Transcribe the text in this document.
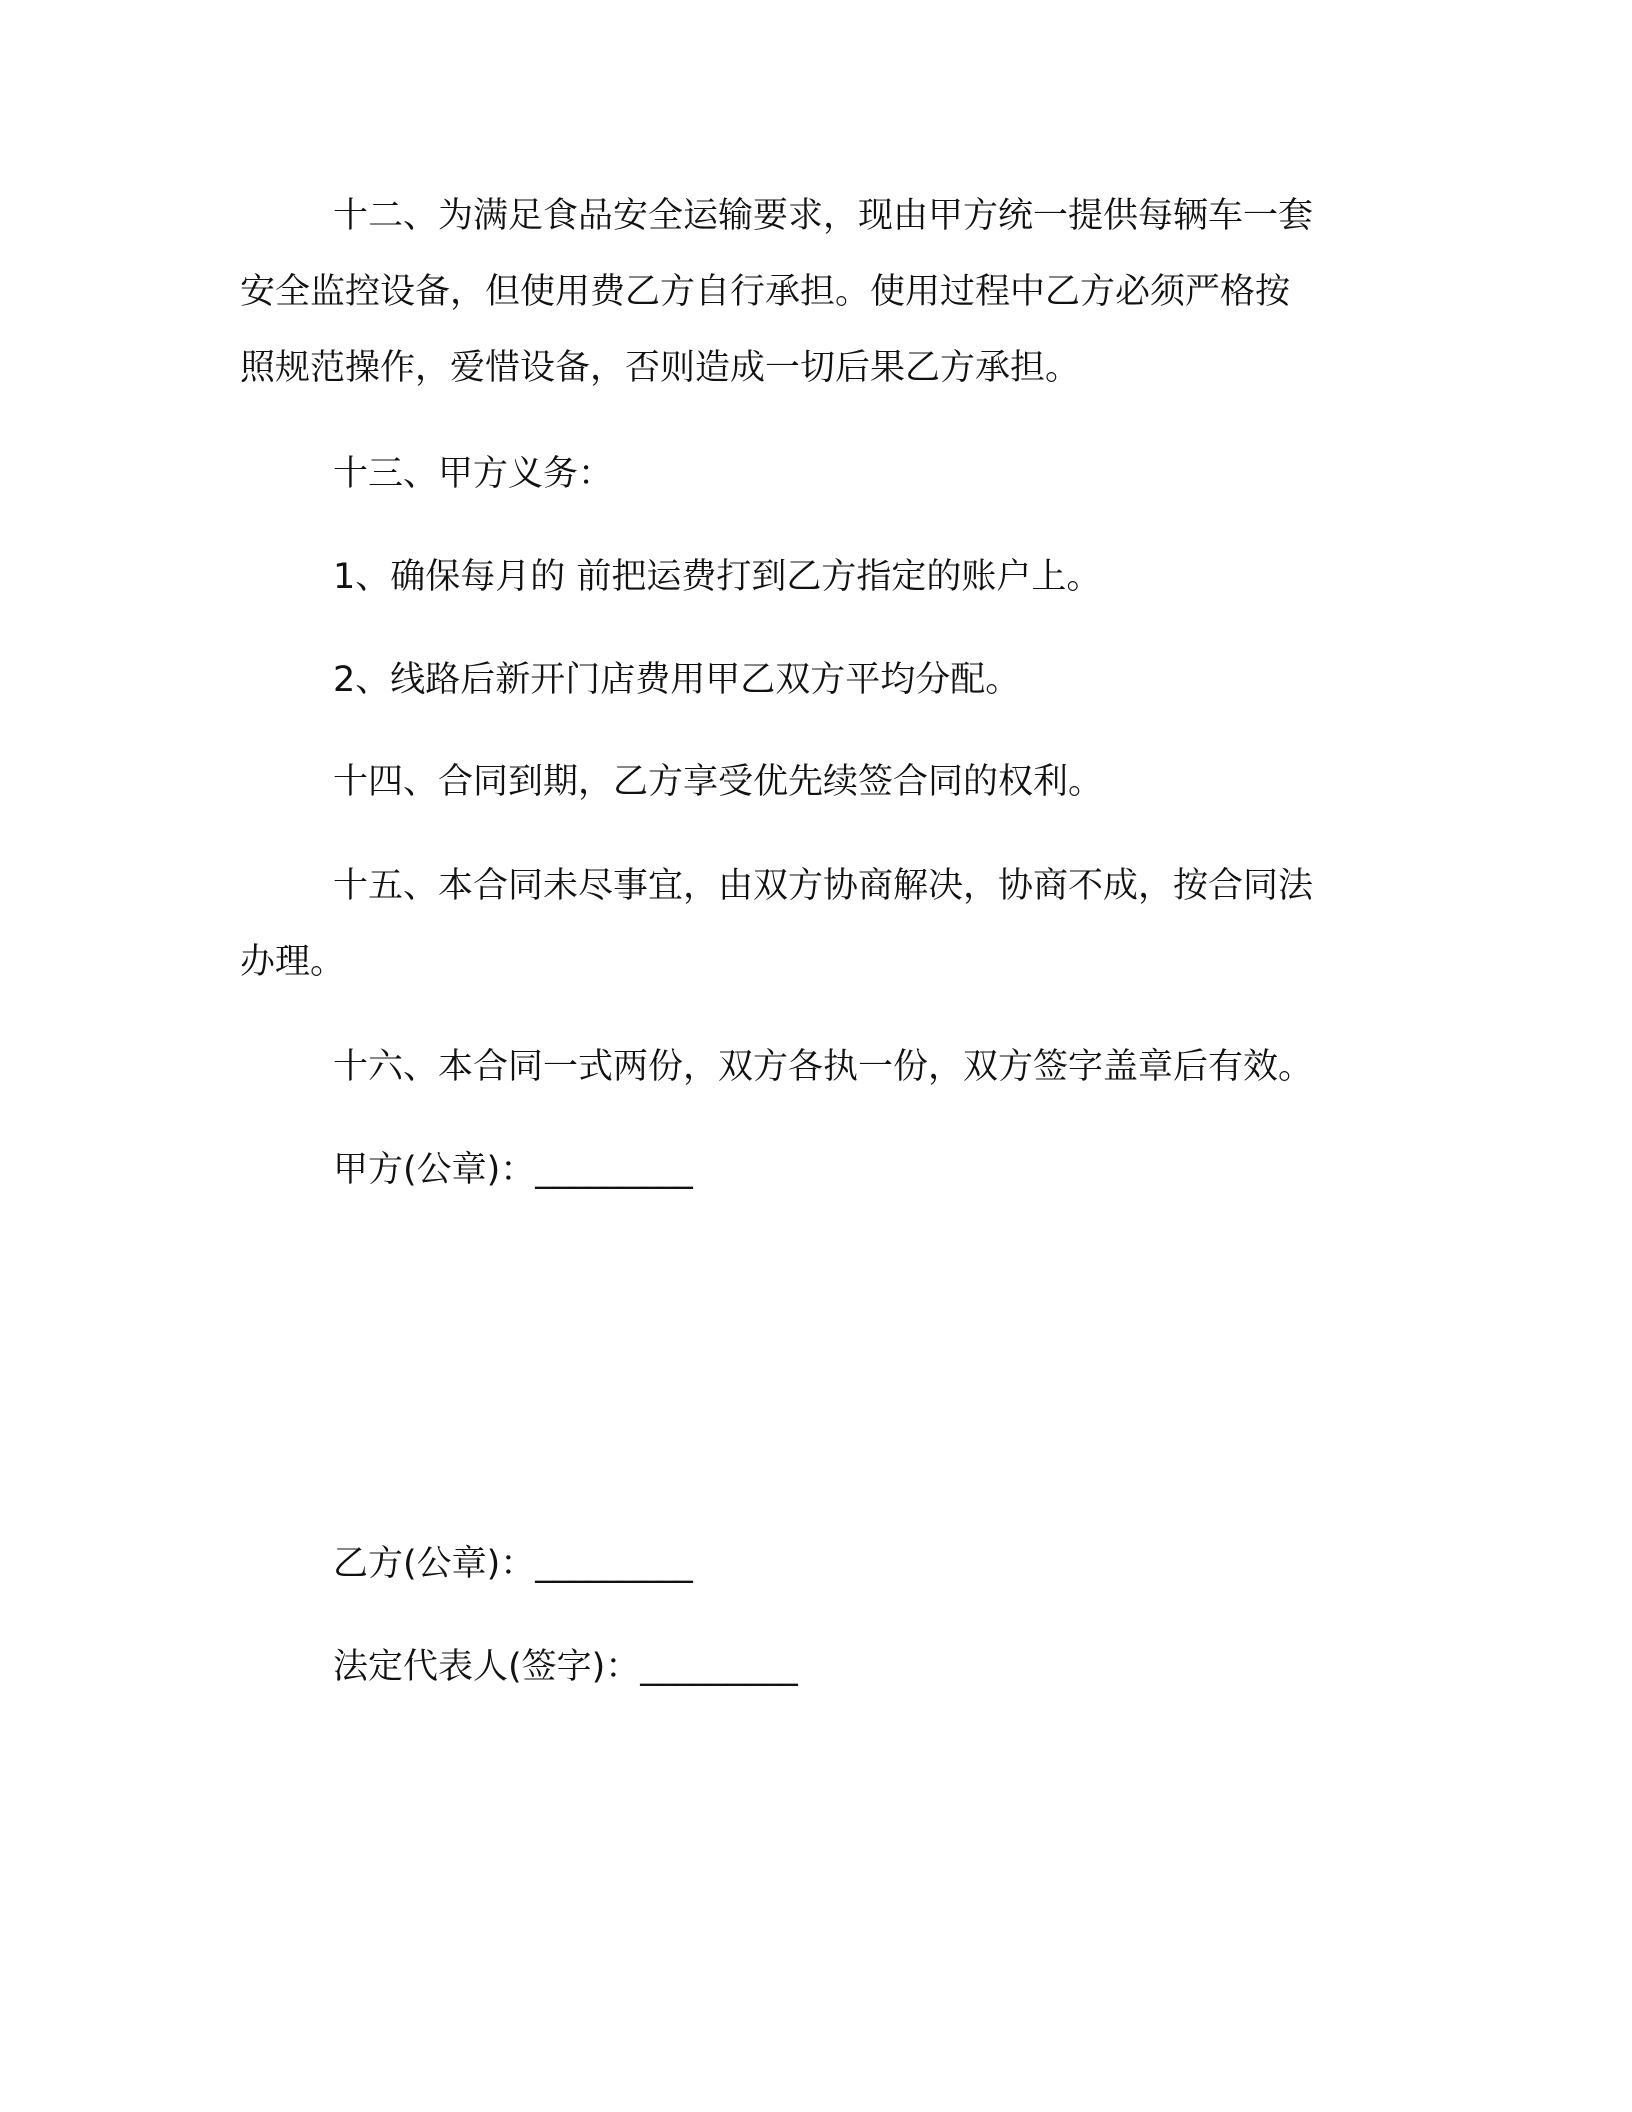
十二、为满足食品安全运输要求，现由甲方统一提供每辆车一套
安全监控设备，但使用费乙方自行承担。使用过程中乙方必须严格按
照规范操作，爱惜设备，否则造成一切后果乙方承担。
十三、甲方义务：
1、确保每月的 前把运费打到乙方指定的账户上。
2、线路后新开门店费用甲乙双方平均分配。
十四、合同到期，乙方享受优先续签合同的权利。
十五、本合同未尽事宜，由双方协商解决，协商不成，按合同法
办理。
十六、本合同一式两份，双方各执一份，双方签字盖章后有效。
甲方(公章)：_________
乙方(公章)：_________
法定代表人(签字)：_________
